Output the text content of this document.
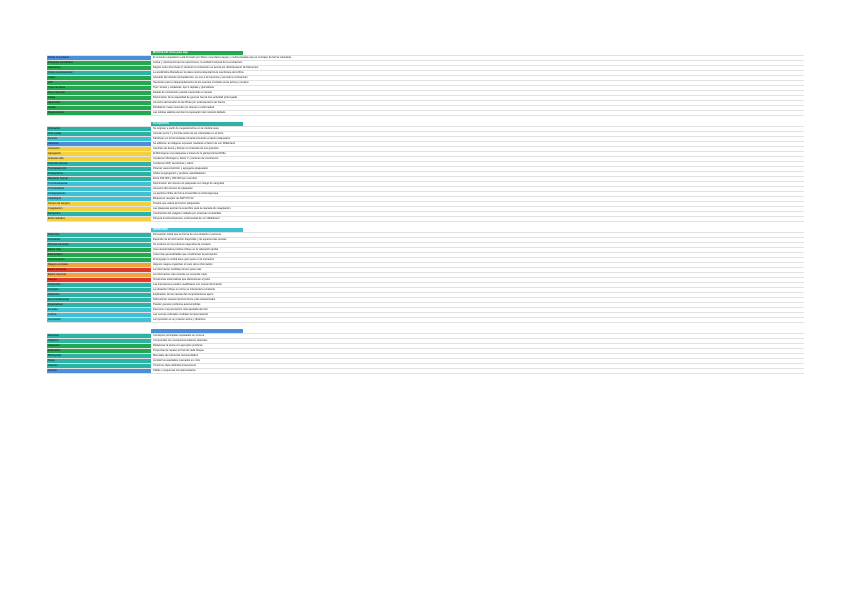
MUSCULAR: Sirve para algo
Fibras musculares	El músculo esquelético está formado por fibras musculares largas y multinucleadas que se contraen de forma voluntaria
Proteínas contráctiles	Actina y miosina forman los sarcómeros, la unidad funcional de la contracción
Sarcómero	Región entre dos líneas Z; durante la contracción se acorta por deslizamiento de filamentos
Unión neuromuscular	La acetilcolina liberada en la placa motora despolariza la membrana de la fibra
Calcio	Liberado del retículo sarcoplásmico, se une a la troponina y permite la contracción
ATP	Necesario para el desacoplamiento de los puentes cruzados entre actina y miosina
Tipos de fibras	Tipo I lentas y oxidativas; tipo II rápidas y glucolíticas
Tono muscular	Estado de contracción parcial mantenido en reposo
Fatiga	Disminución de la capacidad de generar fuerza tras actividad prolongada
Hipertrofia	Aumento del tamaño de las fibras por entrenamiento de fuerza
Atrofia	Pérdida de masa muscular por desuso o enfermedad
Regeneración	Las células satélite permiten la reparación del músculo dañado
PLAQUETAS
Formación	Se originan a partir de megacariocitos en la médula ósea
Vida media	Circulan entre 7 y 10 días antes de ser eliminadas en el bazo
Función	Participan en la hemostasia primaria formando el tapón plaquetario
Adhesión	Se adhieren al colágeno expuesto mediante el factor de von Willebrand
Activación	Cambian de forma y liberan el contenido de sus gránulos
Agregación	El fibrinógeno une plaquetas a través de la glicoproteína IIb/IIIa
Gránulos alfa	Contienen fibrinógeno, factor V y factores de crecimiento
Gránulos densos	Contienen ADP, serotonina y calcio
Tromboxano A2	Potente vasoconstrictor y agregante plaquetario
Prostaciclina	Inhibe la agregación y produce vasodilatación
Recuento normal	Entre 150.000 y 450.000 por microlitro
Trombocitopenia	Disminución del número de plaquetas con riesgo de sangrado
Trombocitosis	Aumento del número de plaquetas
Antiagregantes	La aspirina inhibe de forma irreversible la ciclooxigenasa
Clopidogrel	Bloquea el receptor de ADP P2Y12
Tiempo de sangría	Prueba que valora la función plaquetaria
Coagulación	Las plaquetas aportan la superficie para la cascada de coagulación
Retracción	Contracción del coágulo mediada por proteínas contráctiles
Enfermedades	Púrpura trombocitopénica, enfermedad de von Willebrand
IMPRESIÓN
Definición	Percepción inicial que se forma de una situación o persona
Formación	Depende de la información disponible y de experiencias previas
Primera impresión	Se produce en los primeros segundos de contacto
Efecto halo	Una característica positiva influye en la valoración global
Estereotipos	Creencias generalizadas que condicionan la percepción
Comunicación	El lenguaje no verbal tiene gran peso en la impresión
Rasgos centrales	Algunos rasgos organizan el resto de la información
Efecto primacía	La información recibida primero pesa más
Efecto recencia	La información más reciente se recuerda mejor
Sesgos	Tendencias sistemáticas que distorsionan el juicio
Corrección	Las impresiones pueden modificarse con nueva información
Contexto	La situación influye en cómo se interpreta la conducta
Atribución	Explicación de las causas del comportamiento ajeno
Error fundamental	Sobrestimar causas internas frente a las situacionales
Expectativas	Pueden generar profecías autocumplidas
Empatía	Favorece una percepción más ajustada del otro
Cultura	Las normas culturales modulan la interpretación
Conclusión	La impresión es un proceso activo y dinámico
Resumen	Conceptos principales repasados en el tema
Objetivos	Comprender los mecanismos básicos descritos
Aplicación	Relacionar la teoría con ejemplos prácticos
Evaluación	Preguntas de repaso al final de cada bloque
Bibliografía	Manuales de referencia recomendados
Notas	Ampliar los apartados marcados en color
Glosario	Términos clave definidos brevemente
Anexos	Tablas y esquemas complementarios
